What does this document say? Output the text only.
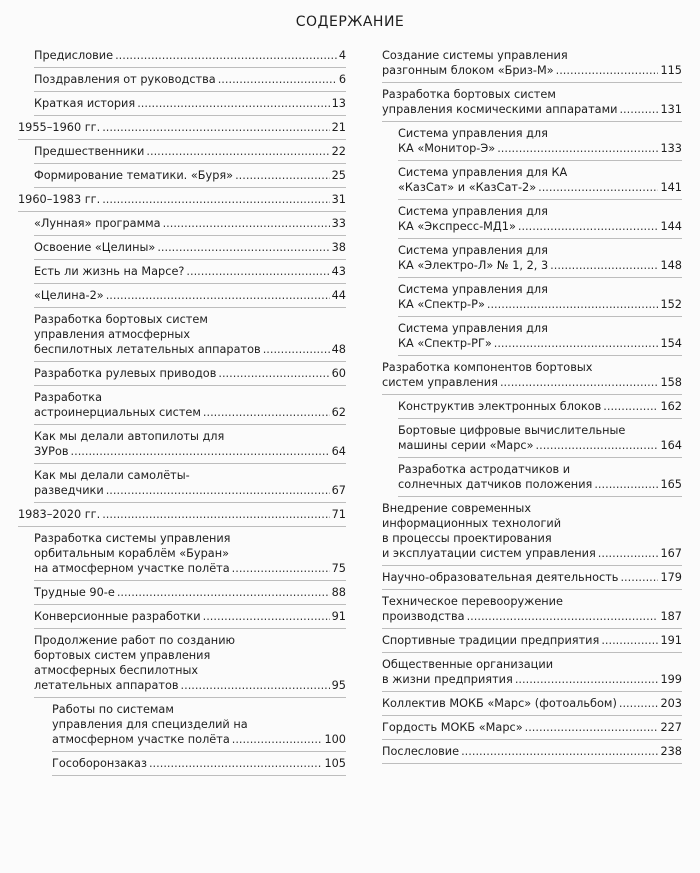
СОДЕРЖАНИЕ
Предисловие .....	4
Поздравления от руководства .....	6
Краткая история .....	13
1955–1960 гг. .....	21
Предшественники .....	22
Формирование тематики. «Буря» .....	25
1960–1983 гг. .....	31
«Лунная» программа .....	33
Освоение «Целины» .....	38
Есть ли жизнь на Марсе? .....	43
«Целина-2» .....	44
Разработка бортовых систем
управления атмосферных
беспилотных летательных аппаратов .....	48
Разработка рулевых приводов .....	60
Разработка
астроинерциальных систем .....	62
Как мы делали автопилоты для
ЗУРов .....	64
Как мы делали самолёты-
разведчики .....	67
1983–2020 гг. .....	71
Разработка системы управления
орбитальным кораблём «Буран»
на атмосферном участке полёта .....	75
Трудные 90-е .....	88
Конверсионные разработки .....	91
Продолжение работ по созданию
бортовых систем управления
атмосферных беспилотных
летательных аппаратов .....	95
Работы по системам
управления для специзделий на
атмосферном участке полёта .....	100
Гособоронзаказ .....	105
Создание системы управления
разгонным блоком «Бриз-М» .....	115
Разработка бортовых систем
управления космическими аппаратами .....	131
Система управления для
КА «Монитор-Э» .....	133
Система управления для КА
«КазСат» и «КазСат-2» .....	141
Система управления для
КА «Экспресс-МД1» .....	144
Система управления для
КА «Электро-Л» № 1, 2, 3 .....	148
Система управления для
КА «Спектр-Р» .....	152
Система управления для
КА «Спектр-РГ» .....	154
Разработка компонентов бортовых
систем управления .....	158
Конструктив электронных блоков .....	162
Бортовые цифровые вычислительные
машины серии «Марс» .....	164
Разработка астродатчиков и
солнечных датчиков положения .....	165
Внедрение современных
информационных технологий
в процессы проектирования
и эксплуатации систем управления .....	167
Научно-образовательная деятельность .....	179
Техническое перевооружение
производства .....	187
Спортивные традиции предприятия .....	191
Общественные организации
в жизни предприятия .....	199
Коллектив МОКБ «Марс» (фотоальбом) .....	203
Гордость МОКБ «Марс» .....	227
Послесловие .....	238
